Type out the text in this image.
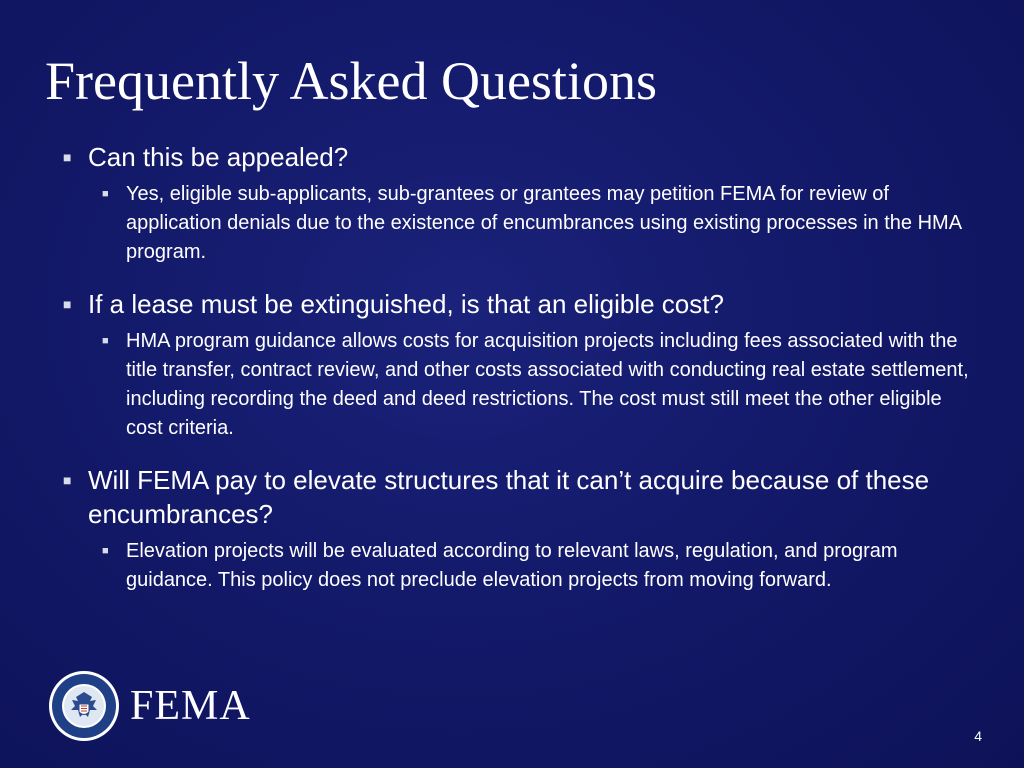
Frequently Asked Questions

■ Can this be appealed?

■ Yes, eligible sub-applicants, sub-grantees or grantees may petition FEMA for review of application denials due to the existence of encumbrances using existing processes in the HMA program.

■ If a lease must be extinguished, is that an eligible cost?

■ HMA program guidance allows costs for acquisition projects including fees associated with the title transfer, contract review, and other costs associated with conducting real estate settlement, including recording the deed and deed restrictions. The cost must still meet the other eligible cost criteria.

■ Will FEMA pay to elevate structures that it can’t acquire because of these encumbrances?

■ Elevation projects will be evaluated according to relevant laws, regulation, and program guidance. This policy does not preclude elevation projects from moving forward.

FEMA
4
